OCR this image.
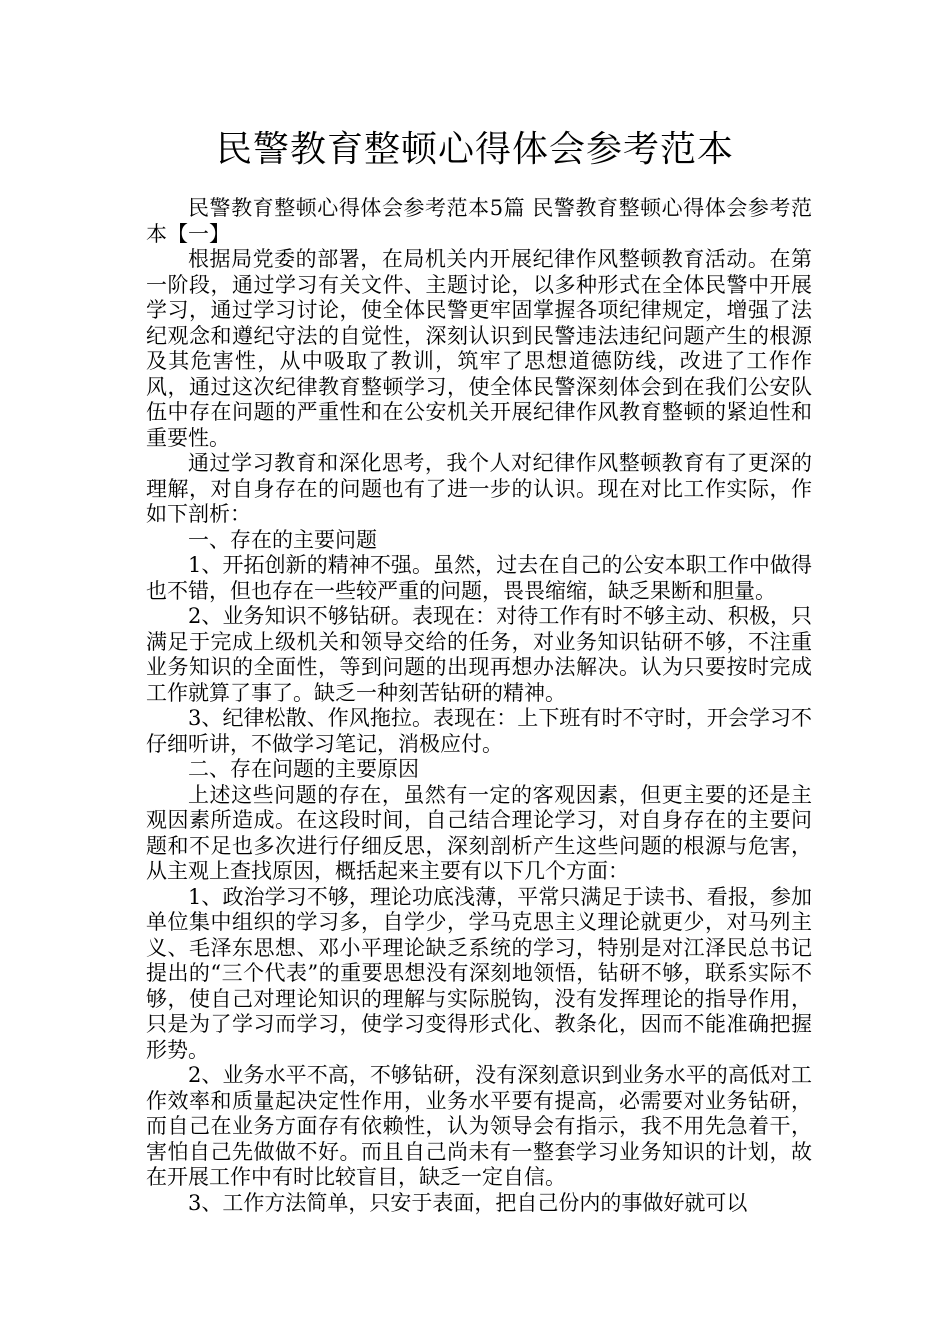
民警教育整顿心得体会参考范本

民警教育整顿心得体会参考范本5篇 民警教育整顿心得体会参考范本【一】

根据局党委的部署，在局机关内开展纪律作风整顿教育活动。在第一阶段，通过学习有关文件、主题讨论，以多种形式在全体民警中开展学习，通过学习讨论，使全体民警更牢固掌握各项纪律规定，增强了法纪观念和遵纪守法的自觉性，深刻认识到民警违法违纪问题产生的根源及其危害性，从中吸取了教训，筑牢了思想道德防线，改进了工作作风，通过这次纪律教育整顿学习，使全体民警深刻体会到在我们公安队伍中存在问题的严重性和在公安机关开展纪律作风教育整顿的紧迫性和重要性。

通过学习教育和深化思考，我个人对纪律作风整顿教育有了更深的理解，对自身存在的问题也有了进一步的认识。现在对比工作实际，作如下剖析：

一、存在的主要问题

1、开拓创新的精神不强。虽然，过去在自己的公安本职工作中做得也不错，但也存在一些较严重的问题，畏畏缩缩，缺乏果断和胆量。

2、业务知识不够钻研。表现在：对待工作有时不够主动、积极，只满足于完成上级机关和领导交给的任务，对业务知识钻研不够，不注重业务知识的全面性，等到问题的出现再想办法解决。认为只要按时完成工作就算了事了。缺乏一种刻苦钻研的精神。

3、纪律松散、作风拖拉。表现在：上下班有时不守时，开会学习不仔细听讲，不做学习笔记，消极应付。

二、存在问题的主要原因

上述这些问题的存在，虽然有一定的客观因素，但更主要的还是主观因素所造成。在这段时间，自己结合理论学习，对自身存在的主要问题和不足也多次进行仔细反思，深刻剖析产生这些问题的根源与危害，从主观上查找原因，概括起来主要有以下几个方面：

1、政治学习不够，理论功底浅薄，平常只满足于读书、看报，参加单位集中组织的学习多，自学少，学马克思主义理论就更少，对马列主义、毛泽东思想、邓小平理论缺乏系统的学习，特别是对江泽民总书记提出的“三个代表”的重要思想没有深刻地领悟，钻研不够，联系实际不够，使自己对理论知识的理解与实际脱钩，没有发挥理论的指导作用，只是为了学习而学习，使学习变得形式化、教条化，因而不能准确把握形势。

2、业务水平不高，不够钻研，没有深刻意识到业务水平的高低对工作效率和质量起决定性作用，业务水平要有提高，必需要对业务钻研，而自己在业务方面存有依赖性，认为领导会有指示，我不用先急着干，害怕自己先做做不好。而且自己尚未有一整套学习业务知识的计划，故在开展工作中有时比较盲目，缺乏一定自信。

3、工作方法简单，只安于表面，把自己份内的事做好就可以
